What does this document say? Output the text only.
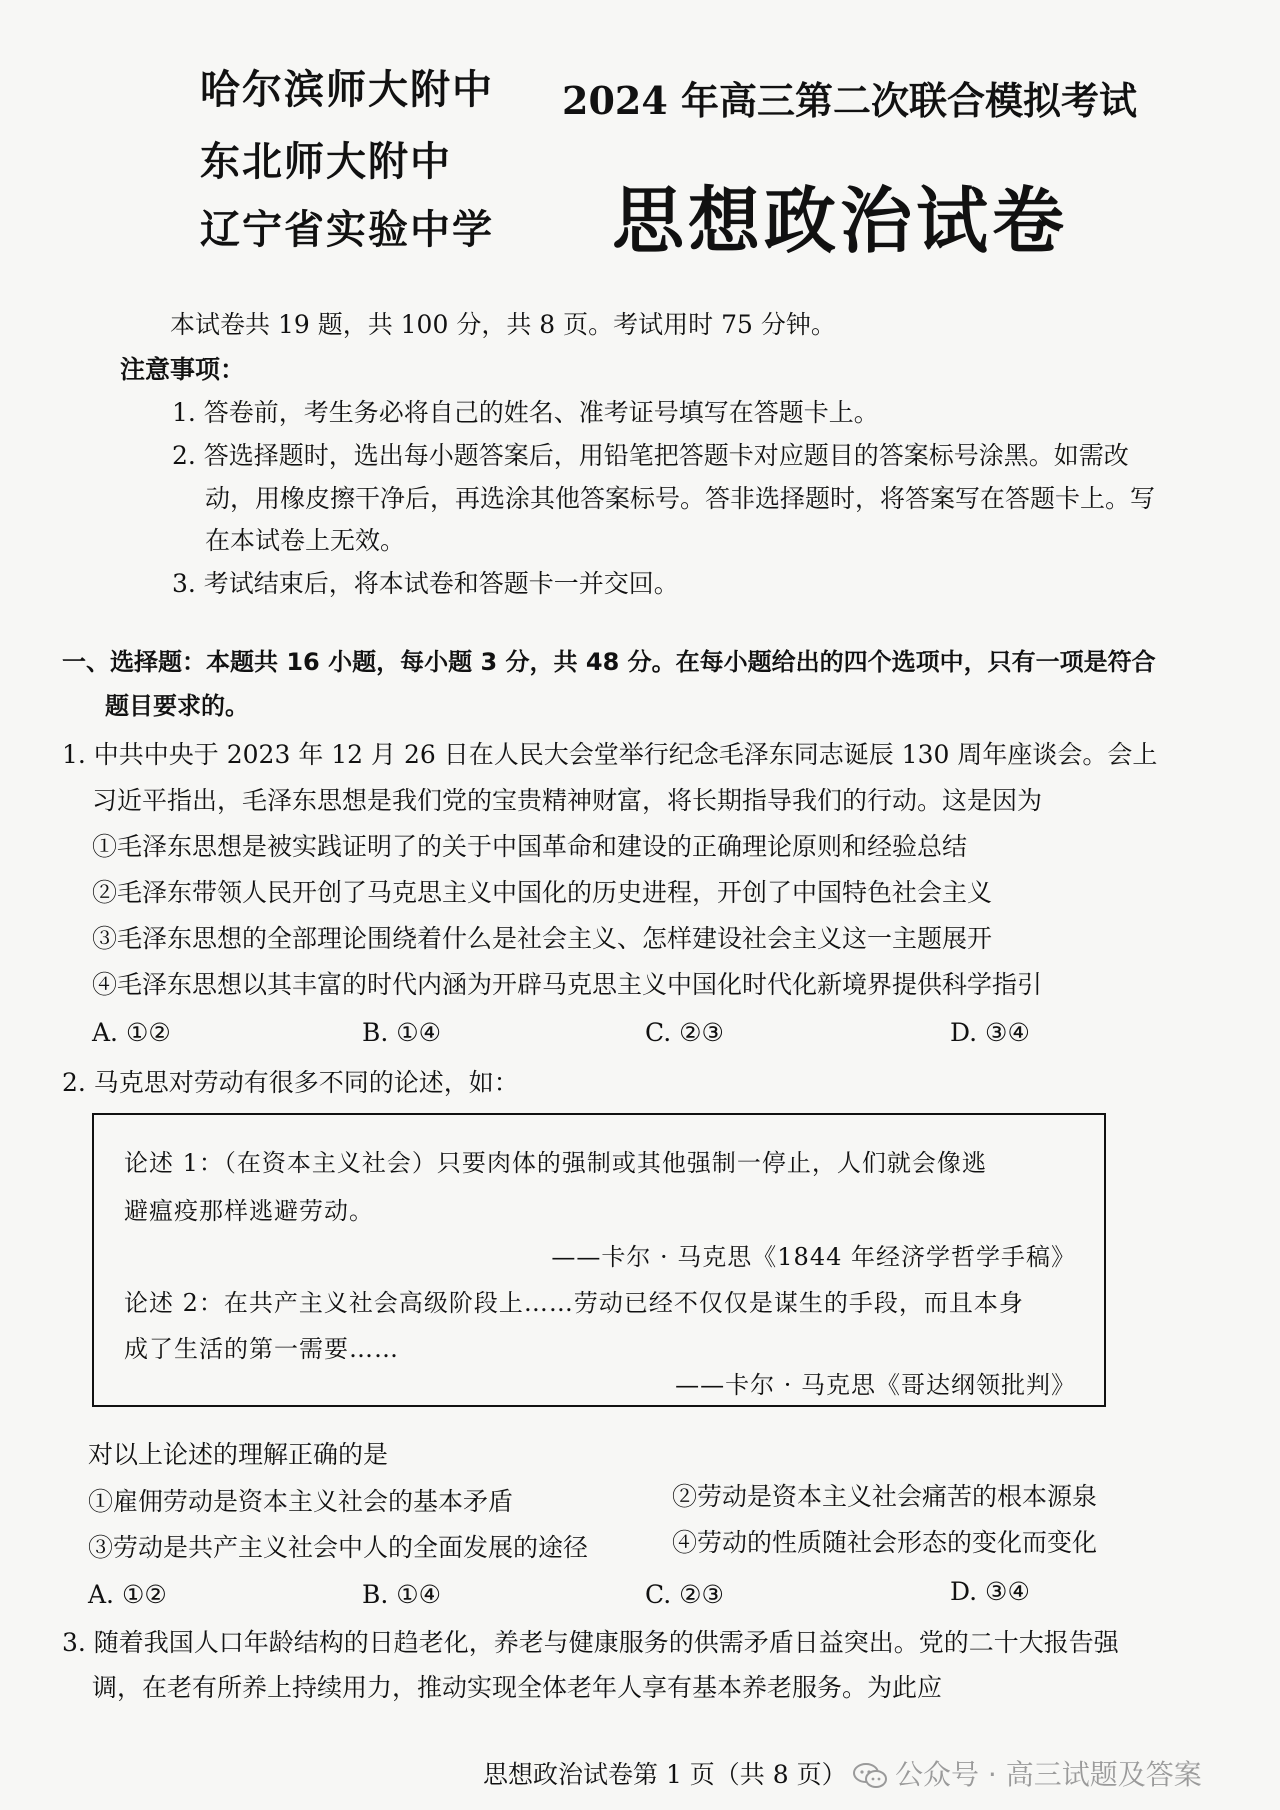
哈尔滨师大附中
东北师大附中
辽宁省实验中学
2024 年高三第二次联合模拟考试
思想政治试卷
本试卷共 19 题，共 100 分，共 8 页。考试用时 75 分钟。
注意事项：
1. 答卷前，考生务必将自己的姓名、准考证号填写在答题卡上。
2. 答选择题时，选出每小题答案后，用铅笔把答题卡对应题目的答案标号涂黑。如需改
动，用橡皮擦干净后，再选涂其他答案标号。答非选择题时，将答案写在答题卡上。写
在本试卷上无效。
3. 考试结束后，将本试卷和答题卡一并交回。
一、选择题：本题共 16 小题，每小题 3 分，共 48 分。在每小题给出的四个选项中，只有一项是符合
题目要求的。
1. 中共中央于 2023 年 12 月 26 日在人民大会堂举行纪念毛泽东同志诞辰 130 周年座谈会。会上
习近平指出，毛泽东思想是我们党的宝贵精神财富，将长期指导我们的行动。这是因为
①毛泽东思想是被实践证明了的关于中国革命和建设的正确理论原则和经验总结
②毛泽东带领人民开创了马克思主义中国化的历史进程，开创了中国特色社会主义
③毛泽东思想的全部理论围绕着什么是社会主义、怎样建设社会主义这一主题展开
④毛泽东思想以其丰富的时代内涵为开辟马克思主义中国化时代化新境界提供科学指引
A. ①②	B. ①④	C. ②③	D. ③④
2. 马克思对劳动有很多不同的论述，如：
论述 1：（在资本主义社会）只要肉体的强制或其他强制一停止，人们就会像逃
避瘟疫那样逃避劳动。
——卡尔 · 马克思《1844 年经济学哲学手稿》
论述 2：在共产主义社会高级阶段上……劳动已经不仅仅是谋生的手段，而且本身
成了生活的第一需要……
——卡尔 · 马克思《哥达纲领批判》
对以上论述的理解正确的是
①雇佣劳动是资本主义社会的基本矛盾	②劳动是资本主义社会痛苦的根本源泉
③劳动是共产主义社会中人的全面发展的途径	④劳动的性质随社会形态的变化而变化
A. ①②	B. ①④	C. ②③	D. ③④
3. 随着我国人口年龄结构的日趋老化，养老与健康服务的供需矛盾日益突出。党的二十大报告强
调，在老有所养上持续用力，推动实现全体老年人享有基本养老服务。为此应
思想政治试卷第 1 页（共 8 页）	公众号 · 高三试题及答案
